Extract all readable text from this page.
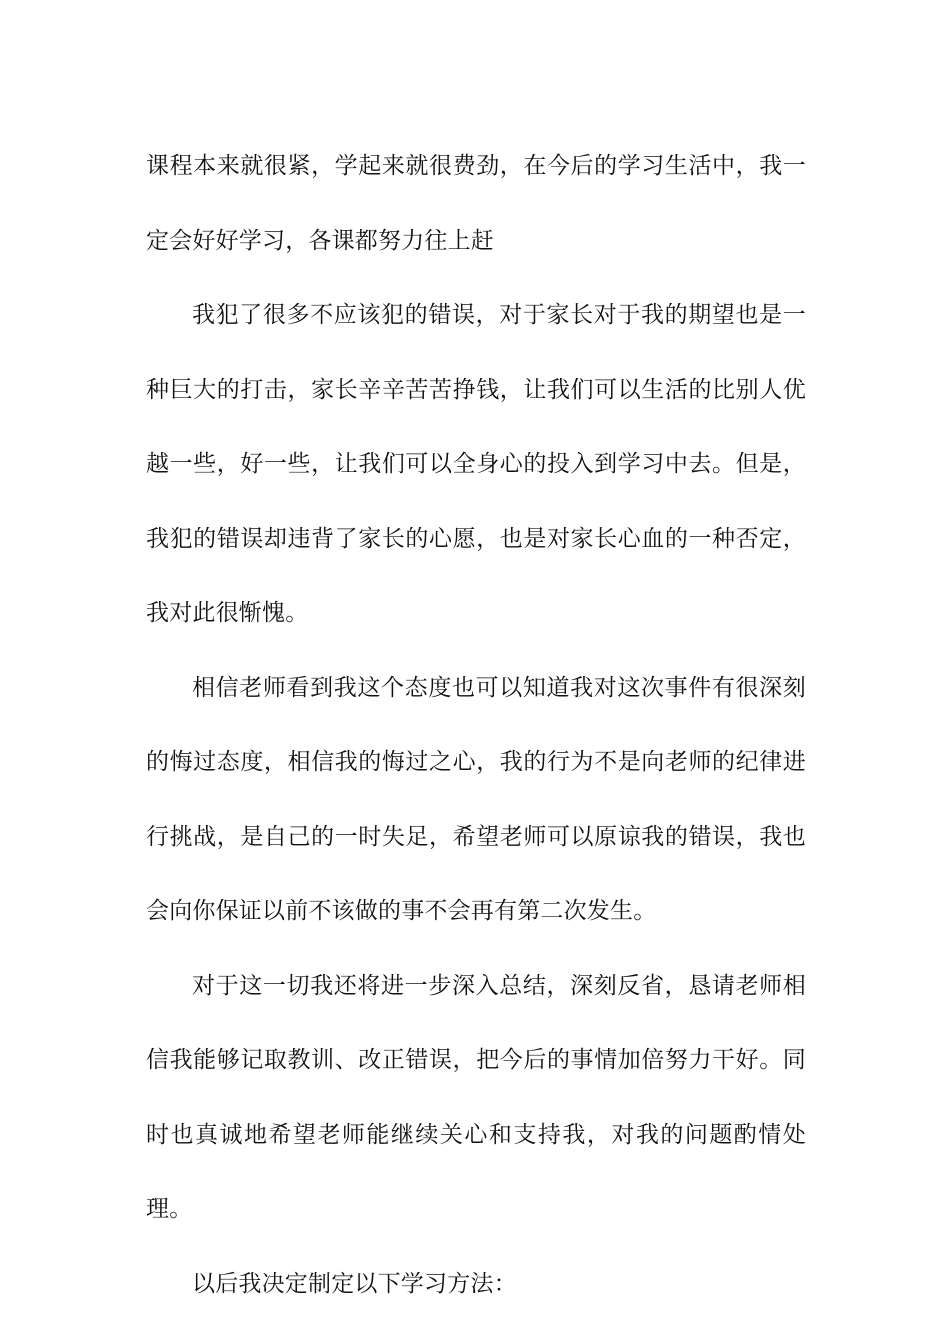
课程本来就很紧，学起来就很费劲，在今后的学习生活中，我一定会好好学习，各课都努力往上赶

我犯了很多不应该犯的错误，对于家长对于我的期望也是一种巨大的打击，家长辛辛苦苦挣钱，让我们可以生活的比别人优越一些，好一些，让我们可以全身心的投入到学习中去。但是，我犯的错误却违背了家长的心愿，也是对家长心血的一种否定，我对此很惭愧。

相信老师看到我这个态度也可以知道我对这次事件有很深刻的悔过态度，相信我的悔过之心，我的行为不是向老师的纪律进行挑战，是自己的一时失足，希望老师可以原谅我的错误，我也会向你保证以前不该做的事不会再有第二次发生。

对于这一切我还将进一步深入总结，深刻反省，恳请老师相信我能够记取教训、改正错误，把今后的事情加倍努力干好。同时也真诚地希望老师能继续关心和支持我，对我的问题酌情处理。

以后我决定制定以下学习方法：
